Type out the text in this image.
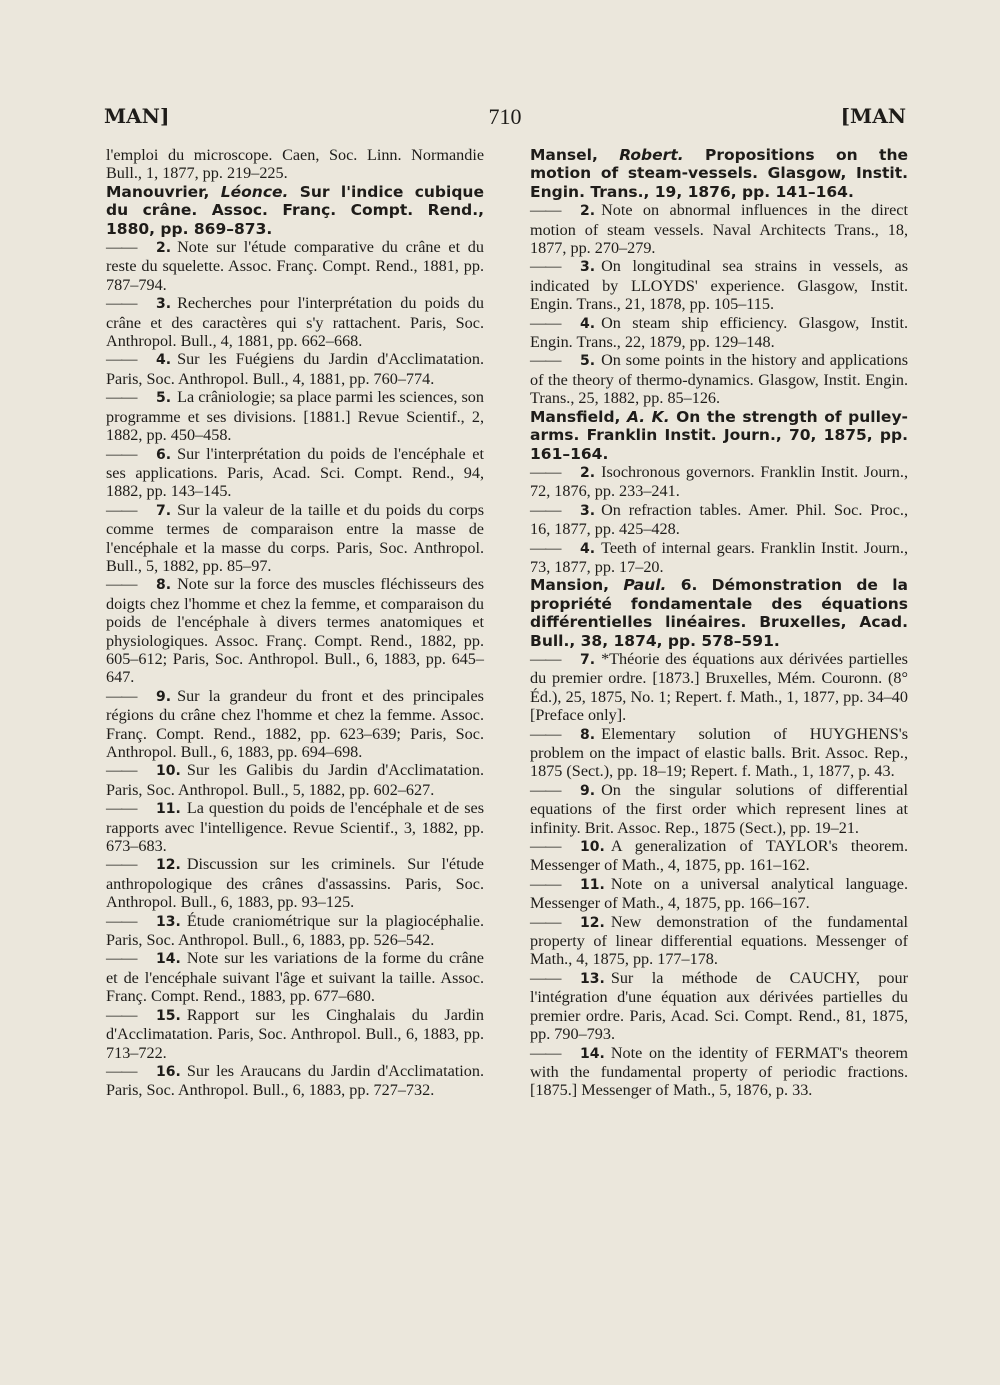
MAN]	710	[MAN

l'emploi du microscope. Caen, Soc. Linn. Normandie Bull., 1, 1877, pp. 219–225.

Manouvrier, Léonce. Sur l'indice cubique du crâne. Assoc. Franç. Compt. Rend., 1880, pp. 869–873.

——2. Note sur l'étude comparative du crâne et du reste du squelette. Assoc. Franç. Compt. Rend., 1881, pp. 787–794.

——3. Recherches pour l'interprétation du poids du crâne et des caractères qui s'y rattachent. Paris, Soc. Anthropol. Bull., 4, 1881, pp. 662–668.

——4. Sur les Fuégiens du Jardin d'Acclimatation. Paris, Soc. Anthropol. Bull., 4, 1881, pp. 760–774.

——5. La crâniologie; sa place parmi les sciences, son programme et ses divisions. [1881.] Revue Scientif., 2, 1882, pp. 450–458.

——6. Sur l'interprétation du poids de l'encéphale et ses applications. Paris, Acad. Sci. Compt. Rend., 94, 1882, pp. 143–145.

——7. Sur la valeur de la taille et du poids du corps comme termes de comparaison entre la masse de l'encéphale et la masse du corps. Paris, Soc. Anthropol. Bull., 5, 1882, pp. 85–97.

——8. Note sur la force des muscles fléchisseurs des doigts chez l'homme et chez la femme, et comparaison du poids de l'encéphale à divers termes anatomiques et physiologiques. Assoc. Franç. Compt. Rend., 1882, pp. 605–612; Paris, Soc. Anthropol. Bull., 6, 1883, pp. 645–647.

——9. Sur la grandeur du front et des principales régions du crâne chez l'homme et chez la femme. Assoc. Franç. Compt. Rend., 1882, pp. 623–639; Paris, Soc. Anthropol. Bull., 6, 1883, pp. 694–698.

——10. Sur les Galibis du Jardin d'Acclimatation. Paris, Soc. Anthropol. Bull., 5, 1882, pp. 602–627.

——11. La question du poids de l'encéphale et de ses rapports avec l'intelligence. Revue Scientif., 3, 1882, pp. 673–683.

——12. Discussion sur les criminels. Sur l'étude anthropologique des crânes d'assassins. Paris, Soc. Anthropol. Bull., 6, 1883, pp. 93–125.

——13. Étude craniométrique sur la plagiocéphalie. Paris, Soc. Anthropol. Bull., 6, 1883, pp. 526–542.

——14. Note sur les variations de la forme du crâne et de l'encéphale suivant l'âge et suivant la taille. Assoc. Franç. Compt. Rend., 1883, pp. 677–680.

——15. Rapport sur les Cinghalais du Jardin d'Acclimatation. Paris, Soc. Anthropol. Bull., 6, 1883, pp. 713–722.

——16. Sur les Araucans du Jardin d'Acclimatation. Paris, Soc. Anthropol. Bull., 6, 1883, pp. 727–732.

Mansel, Robert. Propositions on the motion of steam-vessels. Glasgow, Instit. Engin. Trans., 19, 1876, pp. 141–164.

——2. Note on abnormal influences in the direct motion of steam vessels. Naval Architects Trans., 18, 1877, pp. 270–279.

——3. On longitudinal sea strains in vessels, as indicated by LLOYDS' experience. Glasgow, Instit. Engin. Trans., 21, 1878, pp. 105–115.

——4. On steam ship efficiency. Glasgow, Instit. Engin. Trans., 22, 1879, pp. 129–148.

——5. On some points in the history and applications of the theory of thermo-dynamics. Glasgow, Instit. Engin. Trans., 25, 1882, pp. 85–126.

Mansfield, A. K. On the strength of pulley-arms. Franklin Instit. Journ., 70, 1875, pp. 161–164.

——2. Isochronous governors. Franklin Instit. Journ., 72, 1876, pp. 233–241.

——3. On refraction tables. Amer. Phil. Soc. Proc., 16, 1877, pp. 425–428.

——4. Teeth of internal gears. Franklin Instit. Journ., 73, 1877, pp. 17–20.

Mansion, Paul. 6. Démonstration de la propriété fondamentale des équations différentielles linéaires. Bruxelles, Acad. Bull., 38, 1874, pp. 578–591.

——7. *Théorie des équations aux dérivées partielles du premier ordre. [1873.] Bruxelles, Mém. Couronn. (8° Éd.), 25, 1875, No. 1; Repert. f. Math., 1, 1877, pp. 34–40 [Preface only].

——8. Elementary solution of HUYGHENS's problem on the impact of elastic balls. Brit. Assoc. Rep., 1875 (Sect.), pp. 18–19; Repert. f. Math., 1, 1877, p. 43.

——9. On the singular solutions of differential equations of the first order which represent lines at infinity. Brit. Assoc. Rep., 1875 (Sect.), pp. 19–21.

——10. A generalization of TAYLOR's theorem. Messenger of Math., 4, 1875, pp. 161–162.

——11. Note on a universal analytical language. Messenger of Math., 4, 1875, pp. 166–167.

——12. New demonstration of the fundamental property of linear differential equations. Messenger of Math., 4, 1875, pp. 177–178.

——13. Sur la méthode de CAUCHY, pour l'intégration d'une équation aux dérivées partielles du premier ordre. Paris, Acad. Sci. Compt. Rend., 81, 1875, pp. 790–793.

——14. Note on the identity of FERMAT's theorem with the fundamental property of periodic fractions. [1875.] Messenger of Math., 5, 1876, p. 33.
